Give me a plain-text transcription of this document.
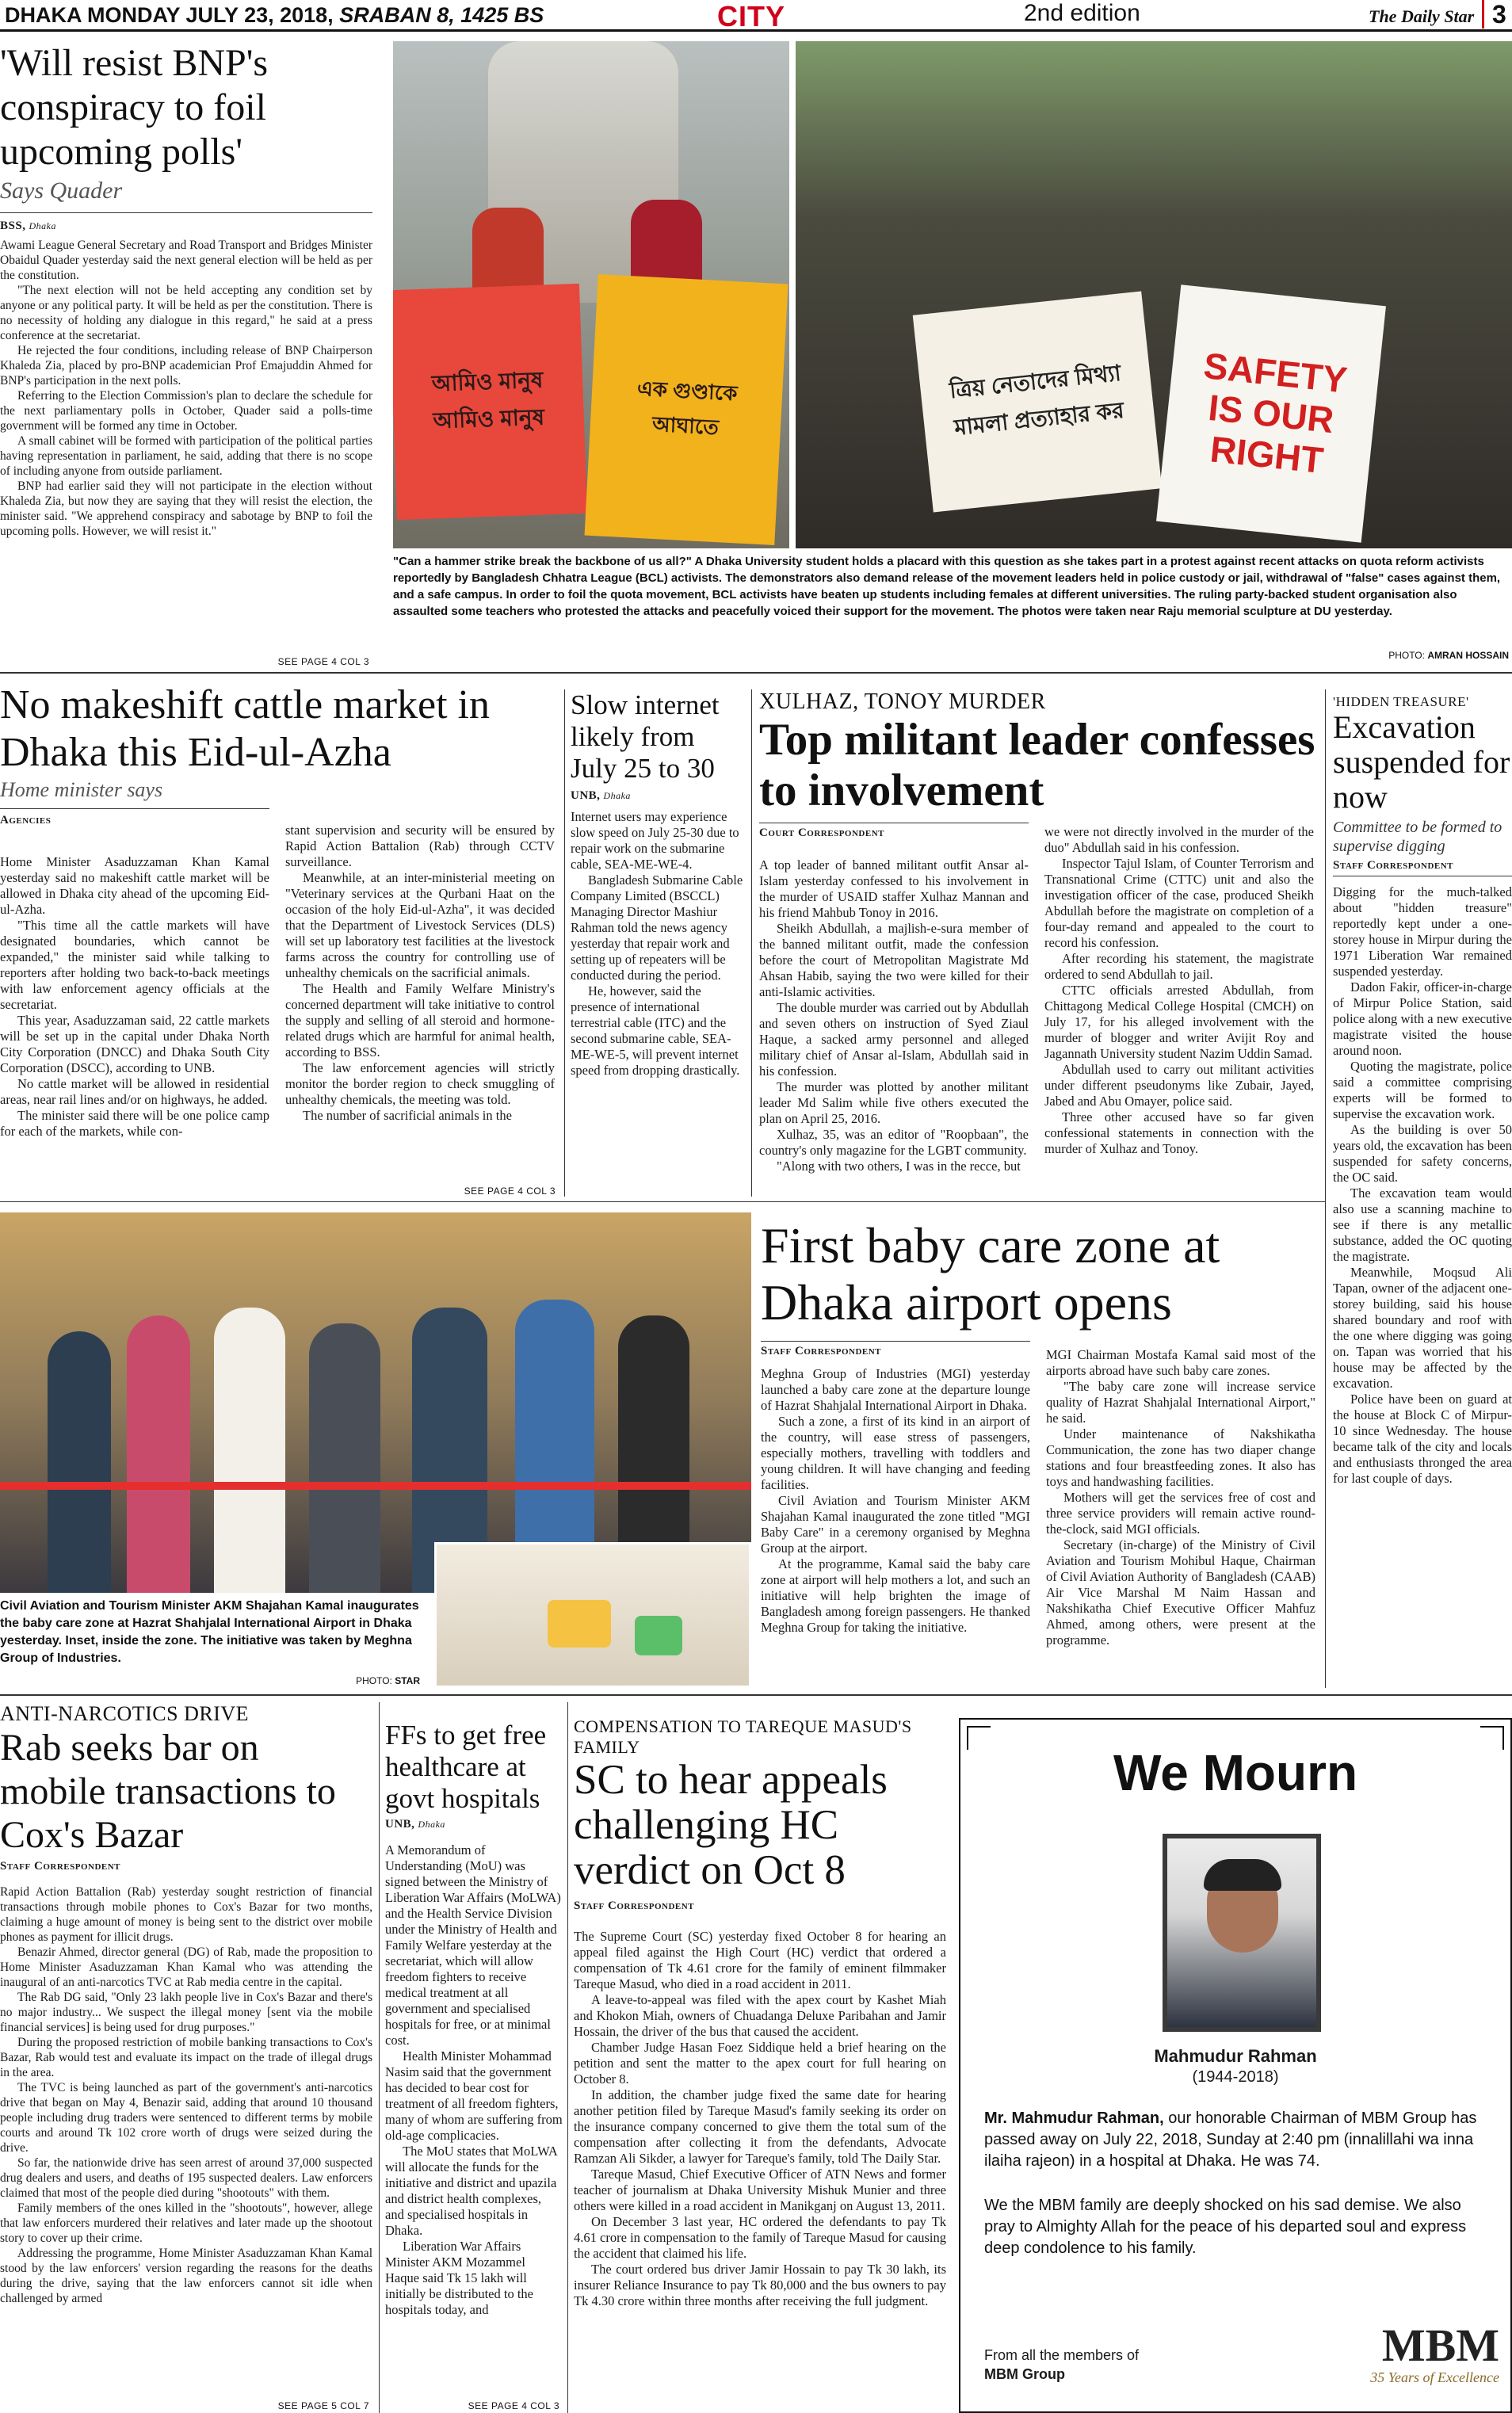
DHAKA MONDAY JULY 23, 2018, SRABAN 8, 1425 BS	CITY	2nd edition	The Daily Star 3
'Will resist BNP's conspiracy to foil upcoming polls'
Says Quader
BSS, Dhaka

Awami League General Secretary and Road Transport and Bridges Minister Obaidul Quader yesterday said the next general election will be held as per the constitution.

"The next election will not be held accepting any condition set by anyone or any political party. It will be held as per the constitution. There is no necessity of holding any dialogue in this regard," he said at a press conference at the secretariat.

He rejected the four conditions, including release of BNP Chairperson Khaleda Zia, placed by pro-BNP academician Prof Emajuddin Ahmed for BNP's participation in the next polls.

Referring to the Election Commission's plan to declare the schedule for the next parliamentary polls in October, Quader said a polls-time government will be formed any time in October.

A small cabinet will be formed with participation of the political parties having representation in parliament, he said, adding that there is no scope of including anyone from outside parliament.

BNP had earlier said they will not participate in the election without Khaleda Zia, but now they are saying that they will resist the election, the minister said. "We apprehend conspiracy and sabotage by BNP to foil the upcoming polls. However, we will resist it."

SEE PAGE 4 COL 3
আমিও মানুষ আমিও মানুষ
এক গুণ্ডাকে আঘাতে
ত্রিয় নেতাদের মিথ্যা মামলা প্রত্যাহার কর
SAFETY IS OUR RIGHT
"Can a hammer strike break the backbone of us all?" A Dhaka University student holds a placard with this question as she takes part in a protest against recent attacks on quota reform activists reportedly by Bangladesh Chhatra League (BCL) activists. The demonstrators also demand release of the movement leaders held in police custody or jail, withdrawal of "false" cases against them, and a safe campus. In order to foil the quota movement, BCL activists have beaten up students including females at different universities. The ruling party-backed student organisation also assaulted some teachers who protested the attacks and peacefully voiced their support for the movement. The photos were taken near Raju memorial sculpture at DU yesterday.
PHOTO: AMRAN HOSSAIN
No makeshift cattle market in Dhaka this Eid-ul-Azha
Home minister says
Agencies

Home Minister Asaduzzaman Khan Kamal yesterday said no makeshift cattle market will be allowed in Dhaka city ahead of the upcoming Eid-ul-Azha.

"This time all the cattle markets will have designated boundaries, which cannot be expanded," the minister said while talking to reporters after holding two back-to-back meetings with law enforcement agency officials at the secretariat.

This year, Asaduzzaman said, 22 cattle markets will be set up in the capital under Dhaka North City Corporation (DNCC) and Dhaka South City Corporation (DSCC), according to UNB.

No cattle market will be allowed in residential areas, near rail lines and/or on highways, he added.

The minister said there will be one police camp for each of the markets, while con-

stant supervision and security will be ensured by Rapid Action Battalion (Rab) through CCTV surveillance.

Meanwhile, at an inter-ministerial meeting on "Veterinary services at the Qurbani Haat on the occasion of the holy Eid-ul-Azha", it was decided that the Department of Livestock Services (DLS) will set up laboratory test facilities at the livestock farms across the country for controlling use of unhealthy chemicals on the sacrificial animals.

The Health and Family Welfare Ministry's concerned department will take initiative to control the supply and selling of all steroid and hormone-related drugs which are harmful for animal health, according to BSS.

The law enforcement agencies will strictly monitor the border region to check smuggling of unhealthy chemicals, the meeting was told.

The number of sacrificial animals in the

SEE PAGE 4 COL 3
Slow internet likely from July 25 to 30
UNB, Dhaka

Internet users may experience slow speed on July 25-30 due to repair work on the submarine cable, SEA-ME-WE-4.

Bangladesh Submarine Cable Company Limited (BSCCL) Managing Director Mashiur Rahman told the news agency yesterday that repair work and setting up of repeaters will be conducted during the period.

He, however, said the presence of international terrestrial cable (ITC) and the second submarine cable, SEA-ME-WE-5, will prevent internet speed from dropping drastically.

XULHAZ, TONOY MURDER
Top militant leader confesses to involvement
Court Correspondent

A top leader of banned militant outfit Ansar al-Islam yesterday confessed to his involvement in the murder of USAID staffer Xulhaz Mannan and his friend Mahbub Tonoy in 2016.

Sheikh Abdullah, a majlish-e-sura member of the banned militant outfit, made the confession before the court of Metropolitan Magistrate Md Ahsan Habib, saying the two were killed for their anti-Islamic activities.

The double murder was carried out by Abdullah and seven others on instruction of Syed Ziaul Haque, a sacked army personnel and alleged military chief of Ansar al-Islam, Abdullah said in his confession.

The murder was plotted by another militant leader Md Salim while five others executed the plan on April 25, 2016.

Xulhaz, 35, was an editor of "Roopbaan", the country's only magazine for the LGBT community.

"Along with two others, I was in the recce, but

we were not directly involved in the murder of the duo" Abdullah said in his confession.

Inspector Tajul Islam, of Counter Terrorism and Transnational Crime (CTTC) unit and also the investigation officer of the case, produced Sheikh Abdullah before the magistrate on completion of a four-day remand and appealed to the court to record his confession.

After recording his statement, the magistrate ordered to send Abdullah to jail.

CTTC officials arrested Abdullah, from Chittagong Medical College Hospital (CMCH) on July 17, for his alleged involvement with the murder of blogger and writer Avijit Roy and Jagannath University student Nazim Uddin Samad.

Abdullah used to carry out militant activities under different pseudonyms like Zubair, Jayed, Jabed and Abu Omayer, police said.

Three other accused have so far given confessional statements in connection with the murder of Xulhaz and Tonoy.

'HIDDEN TREASURE'
Excavation suspended for now
Committee to be formed to supervise digging
Staff Correspondent

Digging for the much-talked about "hidden treasure" reportedly kept under a one-storey house in Mirpur during the 1971 Liberation War remained suspended yesterday.

Dadon Fakir, officer-in-charge of Mirpur Police Station, said police along with a new executive magistrate visited the house around noon.

Quoting the magistrate, police said a committee comprising experts will be formed to supervise the excavation work.

As the building is over 50 years old, the excavation has been suspended for safety concerns, the OC said.

The excavation team would also use a scanning machine to see if there is any metallic substance, added the OC quoting the magistrate.

Meanwhile, Moqsud Ali Tapan, owner of the adjacent one-storey building, said his house shared boundary and roof with the one where digging was going on. Tapan was worried that his house may be affected by the excavation.

Police have been on guard at the house at Block C of Mirpur-10 since Wednesday. The house became talk of the city and locals and enthusiasts thronged the area for last couple of days.

Civil Aviation and Tourism Minister AKM Shajahan Kamal inaugurates the baby care zone at Hazrat Shahjalal International Airport in Dhaka yesterday. Inset, inside the zone. The initiative was taken by Meghna Group of Industries.
PHOTO: STAR
First baby care zone at Dhaka airport opens
Staff Correspondent

Meghna Group of Industries (MGI) yesterday launched a baby care zone at the departure lounge of Hazrat Shahjalal International Airport in Dhaka.

Such a zone, a first of its kind in an airport of the country, will ease stress of passengers, especially mothers, travelling with toddlers and young children. It will have changing and feeding facilities.

Civil Aviation and Tourism Minister AKM Shajahan Kamal inaugurated the zone titled "MGI Baby Care" in a ceremony organised by Meghna Group at the airport.

At the programme, Kamal said the baby care zone at airport will help mothers a lot, and such an initiative will help brighten the image of Bangladesh among foreign passengers. He thanked Meghna Group for taking the initiative.

MGI Chairman Mostafa Kamal said most of the airports abroad have such baby care zones.

"The baby care zone will increase service quality of Hazrat Shahjalal International Airport," he said.

Under maintenance of Nakshikatha Communication, the zone has two diaper change stations and four breastfeeding zones. It also has toys and handwashing facilities.

Mothers will get the services free of cost and three service providers will remain active round-the-clock, said MGI officials.

Secretary (in-charge) of the Ministry of Civil Aviation and Tourism Mohibul Haque, Chairman of Civil Aviation Authority of Bangladesh (CAAB) Air Vice Marshal M Naim Hassan and Nakshikatha Chief Executive Officer Mahfuz Ahmed, among others, were present at the programme.

ANTI-NARCOTICS DRIVE
Rab seeks bar on mobile transactions to Cox's Bazar
Staff Correspondent

Rapid Action Battalion (Rab) yesterday sought restriction of financial transactions through mobile phones to Cox's Bazar for two months, claiming a huge amount of money is being sent to the district over mobile phones as payment for illicit drugs.

Benazir Ahmed, director general (DG) of Rab, made the proposition to Home Minister Asaduzzaman Khan Kamal who was attending the inaugural of an anti-narcotics TVC at Rab media centre in the capital.

The Rab DG said, "Only 23 lakh people live in Cox's Bazar and there's no major industry... We suspect the illegal money [sent via the mobile financial services] is being used for drug purposes."

During the proposed restriction of mobile banking transactions to Cox's Bazar, Rab would test and evaluate its impact on the trade of illegal drugs in the area.

The TVC is being launched as part of the government's anti-narcotics drive that began on May 4, Benazir said, adding that around 10 thousand people including drug traders were sentenced to different terms by mobile courts and around Tk 102 crore worth of drugs were seized during the drive.

So far, the nationwide drive has seen arrest of around 37,000 suspected drug dealers and users, and deaths of 195 suspected dealers. Law enforcers claimed that most of the people died during "shootouts" with them.

Family members of the ones killed in the "shootouts", however, allege that law enforcers murdered their relatives and later made up the shootout story to cover up their crime.

Addressing the programme, Home Minister Asaduzzaman Khan Kamal stood by the law enforcers' version regarding the reasons for the deaths during the drive, saying that the law enforcers cannot sit idle when challenged by armed

SEE PAGE 5 COL 7
FFs to get free healthcare at govt hospitals
UNB, Dhaka

A Memorandum of Understanding (MoU) was signed between the Ministry of Liberation War Affairs (MoLWA) and the Health Service Division under the Ministry of Health and Family Welfare yesterday at the secretariat, which will allow freedom fighters to receive medical treatment at all government and specialised hospitals for free, or at minimal cost.

Health Minister Mohammad Nasim said that the government has decided to bear cost for treatment of all freedom fighters, many of whom are suffering from old-age complicacies.

The MoU states that MoLWA will allocate the funds for the initiative and district and upazila and district health complexes, and specialised hospitals in Dhaka.

Liberation War Affairs Minister AKM Mozammel Haque said Tk 15 lakh will initially be distributed to the hospitals today, and

SEE PAGE 4 COL 3
COMPENSATION TO TAREQUE MASUD'S FAMILY
SC to hear appeals challenging HC verdict on Oct 8
Staff Correspondent

The Supreme Court (SC) yesterday fixed October 8 for hearing an appeal filed against the High Court (HC) verdict that ordered a compensation of Tk 4.61 crore for the family of eminent filmmaker Tareque Masud, who died in a road accident in 2011.

A leave-to-appeal was filed with the apex court by Kashet Miah and Khokon Miah, owners of Chuadanga Deluxe Paribahan and Jamir Hossain, the driver of the bus that caused the accident.

Chamber Judge Hasan Foez Siddique held a brief hearing on the petition and sent the matter to the apex court for full hearing on October 8.

In addition, the chamber judge fixed the same date for hearing another petition filed by Tareque Masud's family seeking its order on the insurance company concerned to give them the total sum of the compensation after collecting it from the defendants, Advocate Ramzan Ali Sikder, a lawyer for Tareque's family, told The Daily Star.

Tareque Masud, Chief Executive Officer of ATN News and former teacher of journalism at Dhaka University Mishuk Munier and three others were killed in a road accident in Manikganj on August 13, 2011.

On December 3 last year, HC ordered the defendants to pay Tk 4.61 crore in compensation to the family of Tareque Masud for causing the accident that claimed his life.

The court ordered bus driver Jamir Hossain to pay Tk 30 lakh, its insurer Reliance Insurance to pay Tk 80,000 and the bus owners to pay Tk 4.30 crore within three months after receiving the full judgment.

We Mourn
Mahmudur Rahman
(1944-2018)
Mr. Mahmudur Rahman, our honorable Chairman of MBM Group has passed away on July 22, 2018, Sunday at 2:40 pm (innalillahi wa inna ilaiha rajeon) in a hospital at Dhaka. He was 74.
We the MBM family are deeply shocked on his sad demise. We also pray to Almighty Allah for the peace of his departed soul and express deep condolence to his family.
From all the members of
MBM Group
MBM
35 Years of Excellence
